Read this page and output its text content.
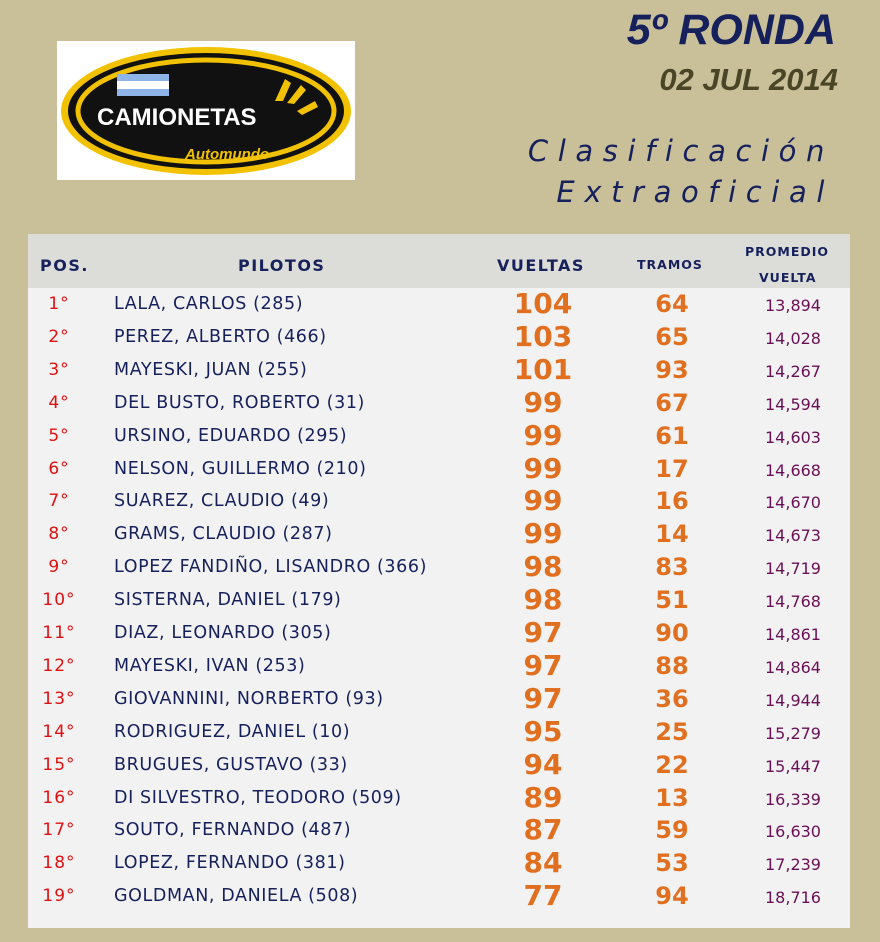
CAMIONETAS
Automundo
5º RONDA
02 JUL 2014
Clasificación
Extraoficial
POS.	PILOTOS	VUELTAS	TRAMOS
PROMEDIO
VUELTA
1°	LALA, CARLOS (285)	104	64	13,894
2°	PEREZ, ALBERTO (466)	103	65	14,028
3°	MAYESKI, JUAN (255)	101	93	14,267
4°	DEL BUSTO, ROBERTO (31)	99	67	14,594
5°	URSINO, EDUARDO (295)	99	61	14,603
6°	NELSON, GUILLERMO (210)	99	17	14,668
7°	SUAREZ, CLAUDIO (49)	99	16	14,670
8°	GRAMS, CLAUDIO (287)	99	14	14,673
9°	LOPEZ FANDIÑO, LISANDRO (366)	98	83	14,719
10°	SISTERNA, DANIEL (179)	98	51	14,768
11°	DIAZ, LEONARDO (305)	97	90	14,861
12°	MAYESKI, IVAN (253)	97	88	14,864
13°	GIOVANNINI, NORBERTO (93)	97	36	14,944
14°	RODRIGUEZ, DANIEL (10)	95	25	15,279
15°	BRUGUES, GUSTAVO (33)	94	22	15,447
16°	DI SILVESTRO, TEODORO (509)	89	13	16,339
17°	SOUTO, FERNANDO (487)	87	59	16,630
18°	LOPEZ, FERNANDO (381)	84	53	17,239
19°	GOLDMAN, DANIELA (508)	77	94	18,716
